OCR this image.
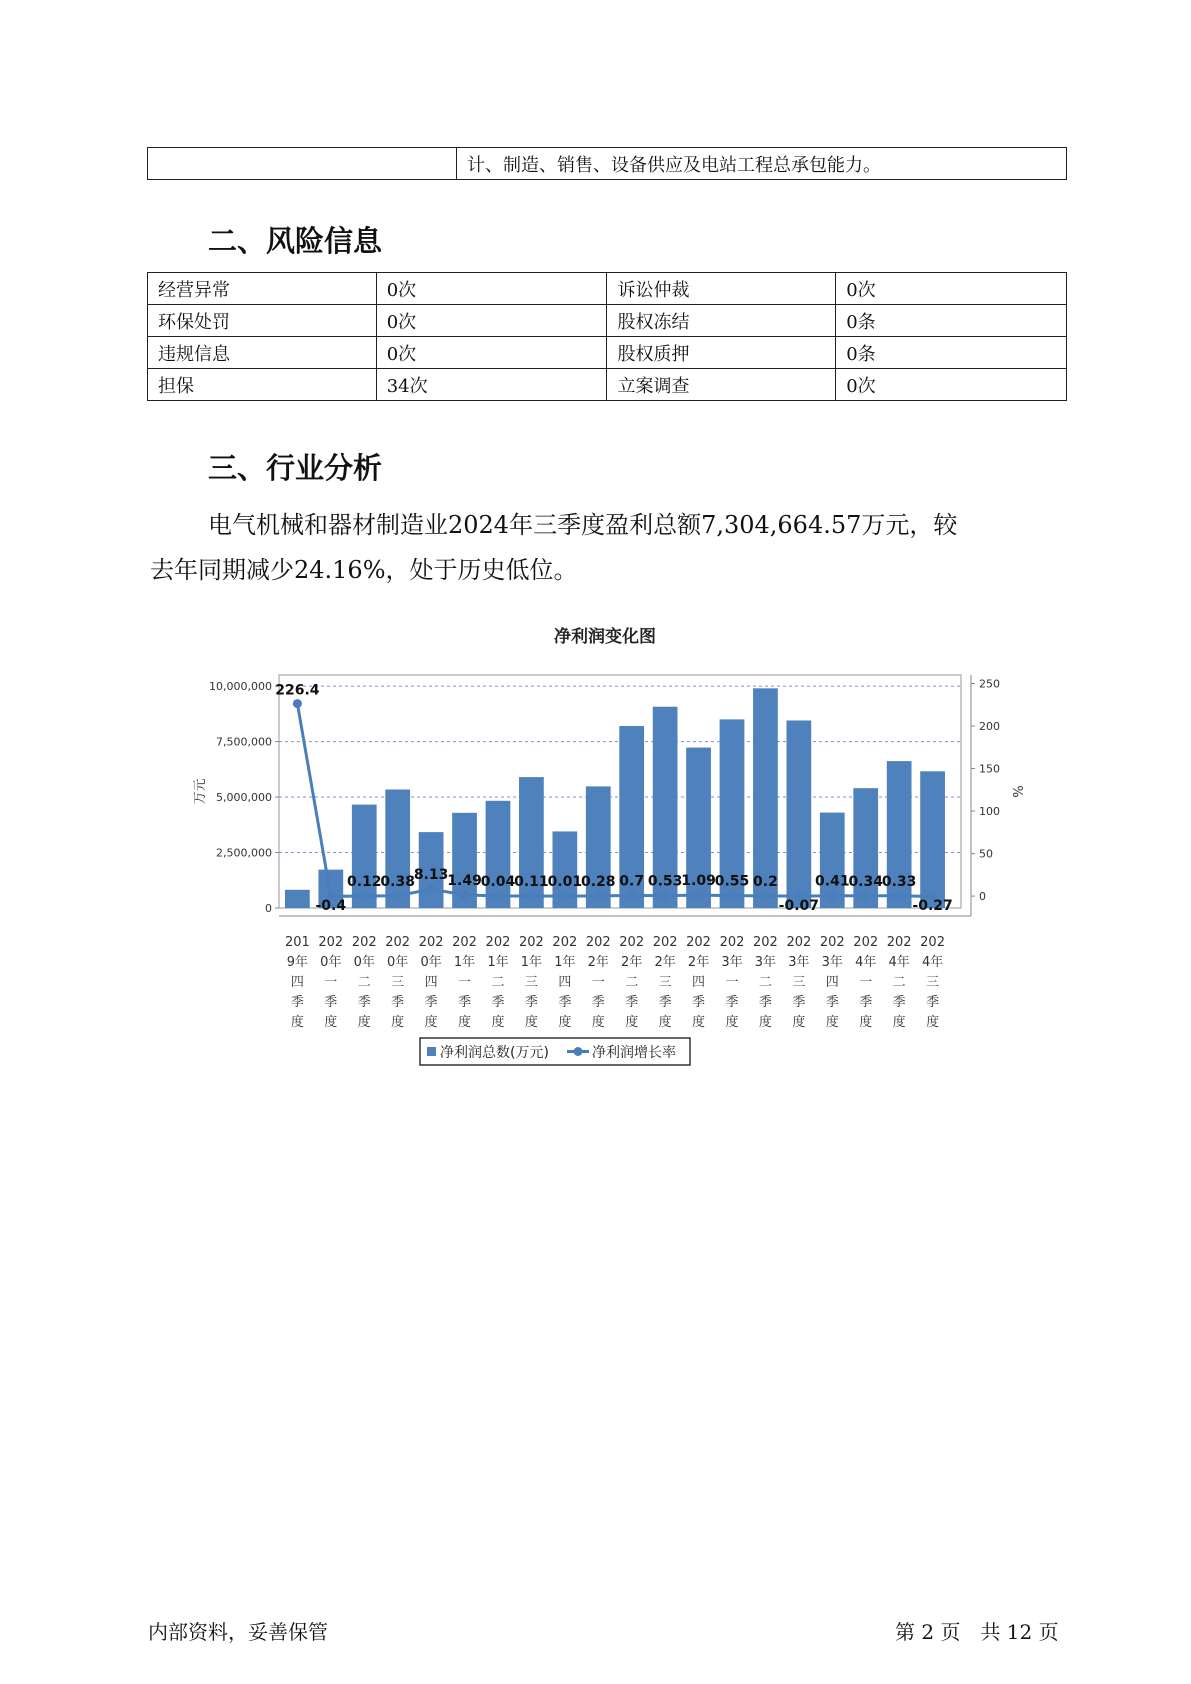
	计、制造、销售、设备供应及电站工程总承包能力。
二、风险信息
经营异常	0次	诉讼仲裁	0次
环保处罚	0次	股权冻结	0条
违规信息	0次	股权质押	0条
担保	34次	立案调查	0次
三、行业分析
电气机械和器材制造业2024年三季度盈利总额7,304,664.57万元，较
去年同期减少24.16%，处于历史低位。
净利润变化图
0
2,500,000
5,000,000
7,500,000
10,000,000
万元
0
50
100
150
200
250
%
226.4
-0.4
0.12
0.38
8.13
1.49
0.04
0.11
0.01
0.28 0.7 0.53
1.09
0.55 0.2
-0.07
0.41
0.34
0.33
-0.27
201 9年四季度
202 0年一季度
202 0年二季度
202 0年三季度
202 0年四季度
202 1年一季度
202 1年二季度
202 1年三季度
202 1年四季度
202 2年一季度
202 2年二季度
202 2年三季度
202 2年四季度
202 3年一季度
202 3年二季度
202 3年三季度
202 3年四季度
202 4年一季度
202 4年二季度
202 4年三季度
净利润总数(万元)	净利润增长率
内部资料，妥善保管	第 2 页　共 12 页
